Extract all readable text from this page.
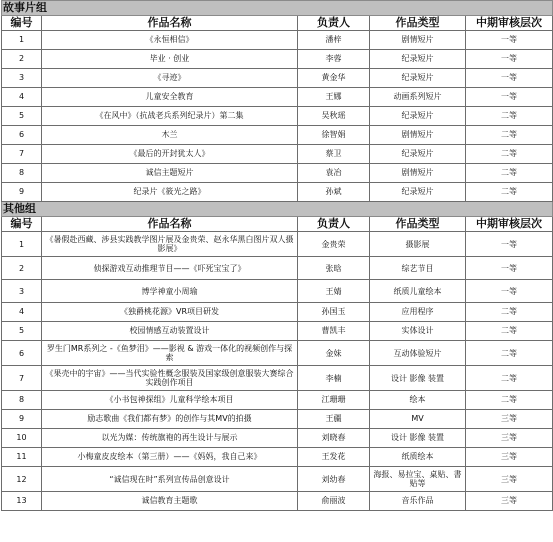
故事片组				
编号	作品名称	负责人	作品类型	中期审核层次
1	《永恒相信》	潘梓	剧情短片	一等
2	毕业 · 创业	李蓉	纪录短片	一等
3	《寻迹》	黄金华	纪录短片	一等
4	儿童安全教育	王娜	动画系列短片	一等
5	《在风中》（抗战老兵系列纪录片）第二集	吴秋瑶	纪录短片	二等
6	木兰	徐智娟	剧情短片	二等
7	《最后的开封犹太人》	蔡卫	纪录短片	二等
8	诚信主题短片	袁冶	剧情短片	二等
9	纪录片《筱光之路》	孙斌	纪录短片	二等
其他组				
编号	作品名称	负责人	作品类型	中期审核层次
1	《暑假赴西藏、涉县实践教学图片展及金贵荣、赵永华黑白图片双人摄影展》	金贵荣	摄影展	一等
2	侦探游戏互动推理节目——《吓死宝宝了》	张晗	综艺节目	一等
3	博学神童小周瑜	王婧	纸质儿童绘本	一等
4	《独爵桃花源》VR项目研发	孙国玉	应用程序	二等
5	校园情感互动装置设计	曹凯丰	实体设计	二等
6	罗生门MR系列之 -《鱼梦泪》——影视 & 游戏一体化的视频创作与探索	金妹	互动体验短片	二等
7	《果壳中的宇宙》——当代实验性概念服装及国家级创意服装大赛综合实践创作项目	李楠	设计 影像 装置	二等
8	《小书包神探组》儿童科学绘本项目	江珊珊	绘本	二等
9	励志歌曲《我们都有梦》的创作与其MV的拍摄	王疆	MV	三等
10	以光为媒：传统旗袍的再生设计与展示	刘晓春	设计 影像 装置	三等
11	小梅童皮皮绘本（第三册）——《妈妈，我自己来》	王发花	纸质绘本	三等
12	“诚信现在时”系列宣传品创意设计	刘幼春	海报、易拉宝、桌贴、書贴等	三等
13	诚信教育主题歌	俞丽波	音乐作品	三等
